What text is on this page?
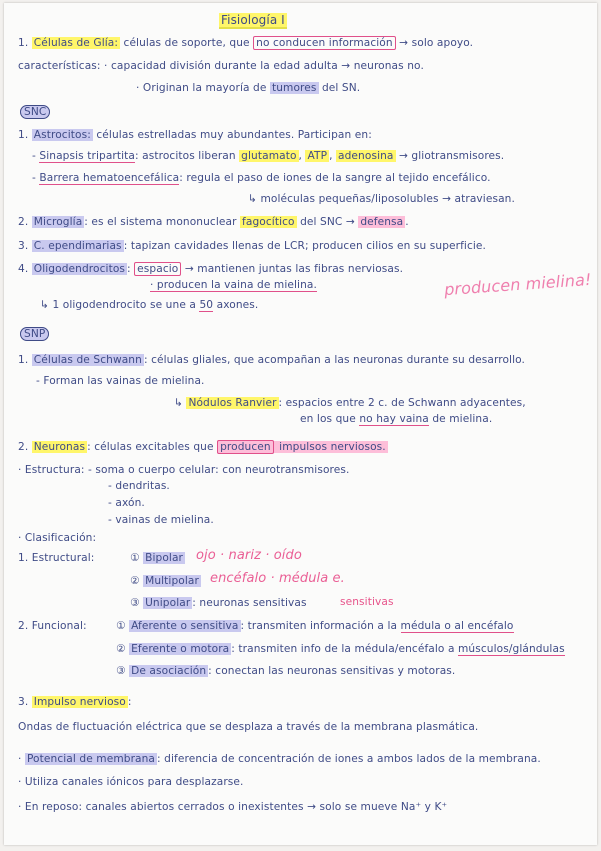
Fisiología I
1. Células de Glía: células de soporte, que no conducen información → solo apoyo.
características: · capacidad división durante la edad adulta → neuronas no.
· Originan la mayoría de tumores del SN.
SNC
1. Astrocitos: células estrelladas muy abundantes. Participan en:
- Sinapsis tripartita: astrocitos liberan glutamato , ATP , adenosina → gliotransmisores.
- Barrera hematoencefálica: regula el paso de iones de la sangre al tejido encefálico.
↳ moléculas pequeñas/liposolubles → atraviesan.
2. Microglía : es el sistema mononuclear fagocítico del SNC → defensa .
3. C. ependimarias : tapizan cavidades llenas de LCR; producen cilios en su superficie.
4. Oligodendrocitos : espacio → mantienen juntas las fibras nerviosas.
· producen la vaina de mielina.	producen mielina!
↳ 1 oligodendrocito se une a 50 axones.
SNP
1. Células de Schwann : células gliales, que acompañan a las neuronas durante su desarrollo.
- Forman las vainas de mielina.
↳ Nódulos Ranvier : espacios entre 2 c. de Schwann adyacentes,
en los que no hay vaina de mielina.
2. Neuronas : células excitables que producen impulsos nerviosos.
· Estructura: - soma o cuerpo celular: con neurotransmisores.
- dendritas.
- axón.
- vainas de mielina.
· Clasificación:
1. Estructural:	① Bipolar ojo · nariz · oído
② Multipolar encéfalo · médula e.
③ Unipolar : neuronas sensitivas	sensitivas
2. Funcional:	① Aferente o sensitiva : transmiten información a la médula o al encéfalo
② Eferente o motora : transmiten info de la médula/encéfalo a músculos/glándulas
③ De asociación : conectan las neuronas sensitivas y motoras.
3. Impulso nervioso :
Ondas de fluctuación eléctrica que se desplaza a través de la membrana plasmática.
· Potencial de membrana : diferencia de concentración de iones a ambos lados de la membrana.
· Utiliza canales iónicos para desplazarse.
· En reposo: canales abiertos cerrados o inexistentes → solo se mueve Na⁺ y K⁺
